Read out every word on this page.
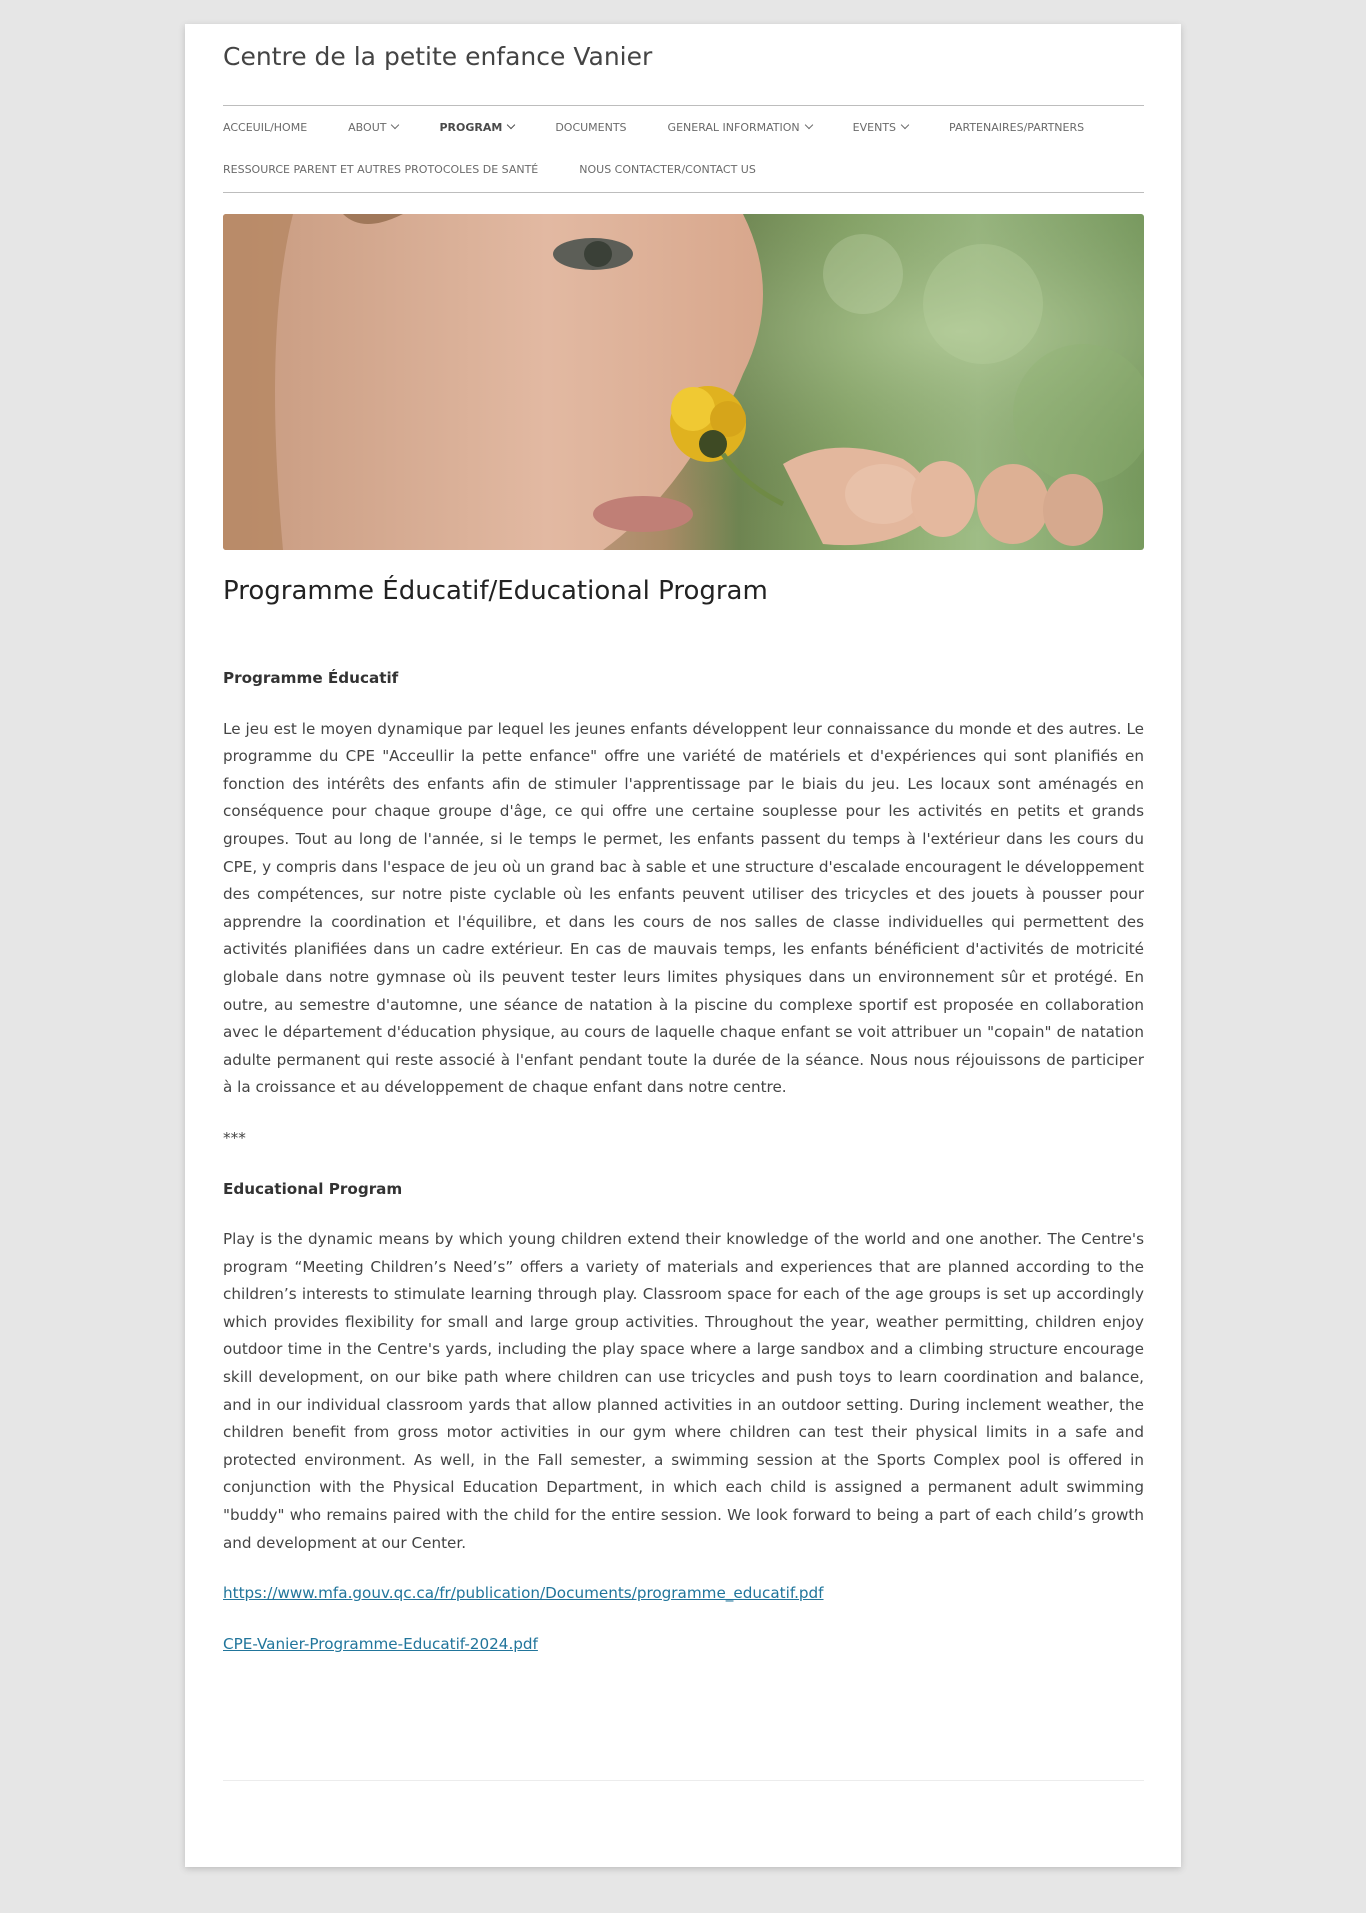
Centre de la petite enfance Vanier
ACCEUIL/HOME	ABOUT	PROGRAM	DOCUMENTS	GENERAL INFORMATION	EVENTS	PARTENAIRES/PARTNERS
RESSOURCE PARENT ET AUTRES PROTOCOLES DE SANTÉ	NOUS CONTACTER/CONTACT US
Programme Éducatif/Educational Program

Programme Éducatif

Le jeu est le moyen dynamique par lequel les jeunes enfants développent leur connaissance du monde et des autres. Le programme du CPE "Acceullir la pette enfance" offre une variété de matériels et d'expériences qui sont planifiés en fonction des intérêts des enfants afin de stimuler l'apprentissage par le biais du jeu. Les locaux sont aménagés en conséquence pour chaque groupe d'âge, ce qui offre une certaine souplesse pour les activités en petits et grands groupes. Tout au long de l'année, si le temps le permet, les enfants passent du temps à l'extérieur dans les cours du CPE, y compris dans l'espace de jeu où un grand bac à sable et une structure d'escalade encouragent le développement des compétences, sur notre piste cyclable où les enfants peuvent utiliser des tricycles et des jouets à pousser pour apprendre la coordination et l'équilibre, et dans les cours de nos salles de classe individuelles qui permettent des activités planifiées dans un cadre extérieur. En cas de mauvais temps, les enfants bénéficient d'activités de motricité globale dans notre gymnase où ils peuvent tester leurs limites physiques dans un environnement sûr et protégé. En outre, au semestre d'automne, une séance de natation à la piscine du complexe sportif est proposée en collaboration avec le département d'éducation physique, au cours de laquelle chaque enfant se voit attribuer un "copain" de natation adulte permanent qui reste associé à l'enfant pendant toute la durée de la séance. Nous nous réjouissons de participer à la croissance et au développement de chaque enfant dans notre centre.

***

Educational Program

Play is the dynamic means by which young children extend their knowledge of the world and one another. The Centre's program “Meeting Children’s Need’s” offers a variety of materials and experiences that are planned according to the children’s interests to stimulate learning through play. Classroom space for each of the age groups is set up accordingly which provides flexibility for small and large group activities. Throughout the year, weather permitting, children enjoy outdoor time in the Centre's yards, including the play space where a large sandbox and a climbing structure encourage skill development, on our bike path where children can use tricycles and push toys to learn coordination and balance, and in our individual classroom yards that allow planned activities in an outdoor setting. During inclement weather, the children benefit from gross motor activities in our gym where children can test their physical limits in a safe and protected environment. As well, in the Fall semester, a swimming session at the Sports Complex pool is offered in conjunction with the Physical Education Department, in which each child is assigned a permanent adult swimming "buddy" who remains paired with the child for the entire session. We look forward to being a part of each child’s growth and development at our Center.

https://www.mfa.gouv.qc.ca/fr/publication/Documents/programme_educatif.pdf

CPE-Vanier-Programme-Educatif-2024.pdf
